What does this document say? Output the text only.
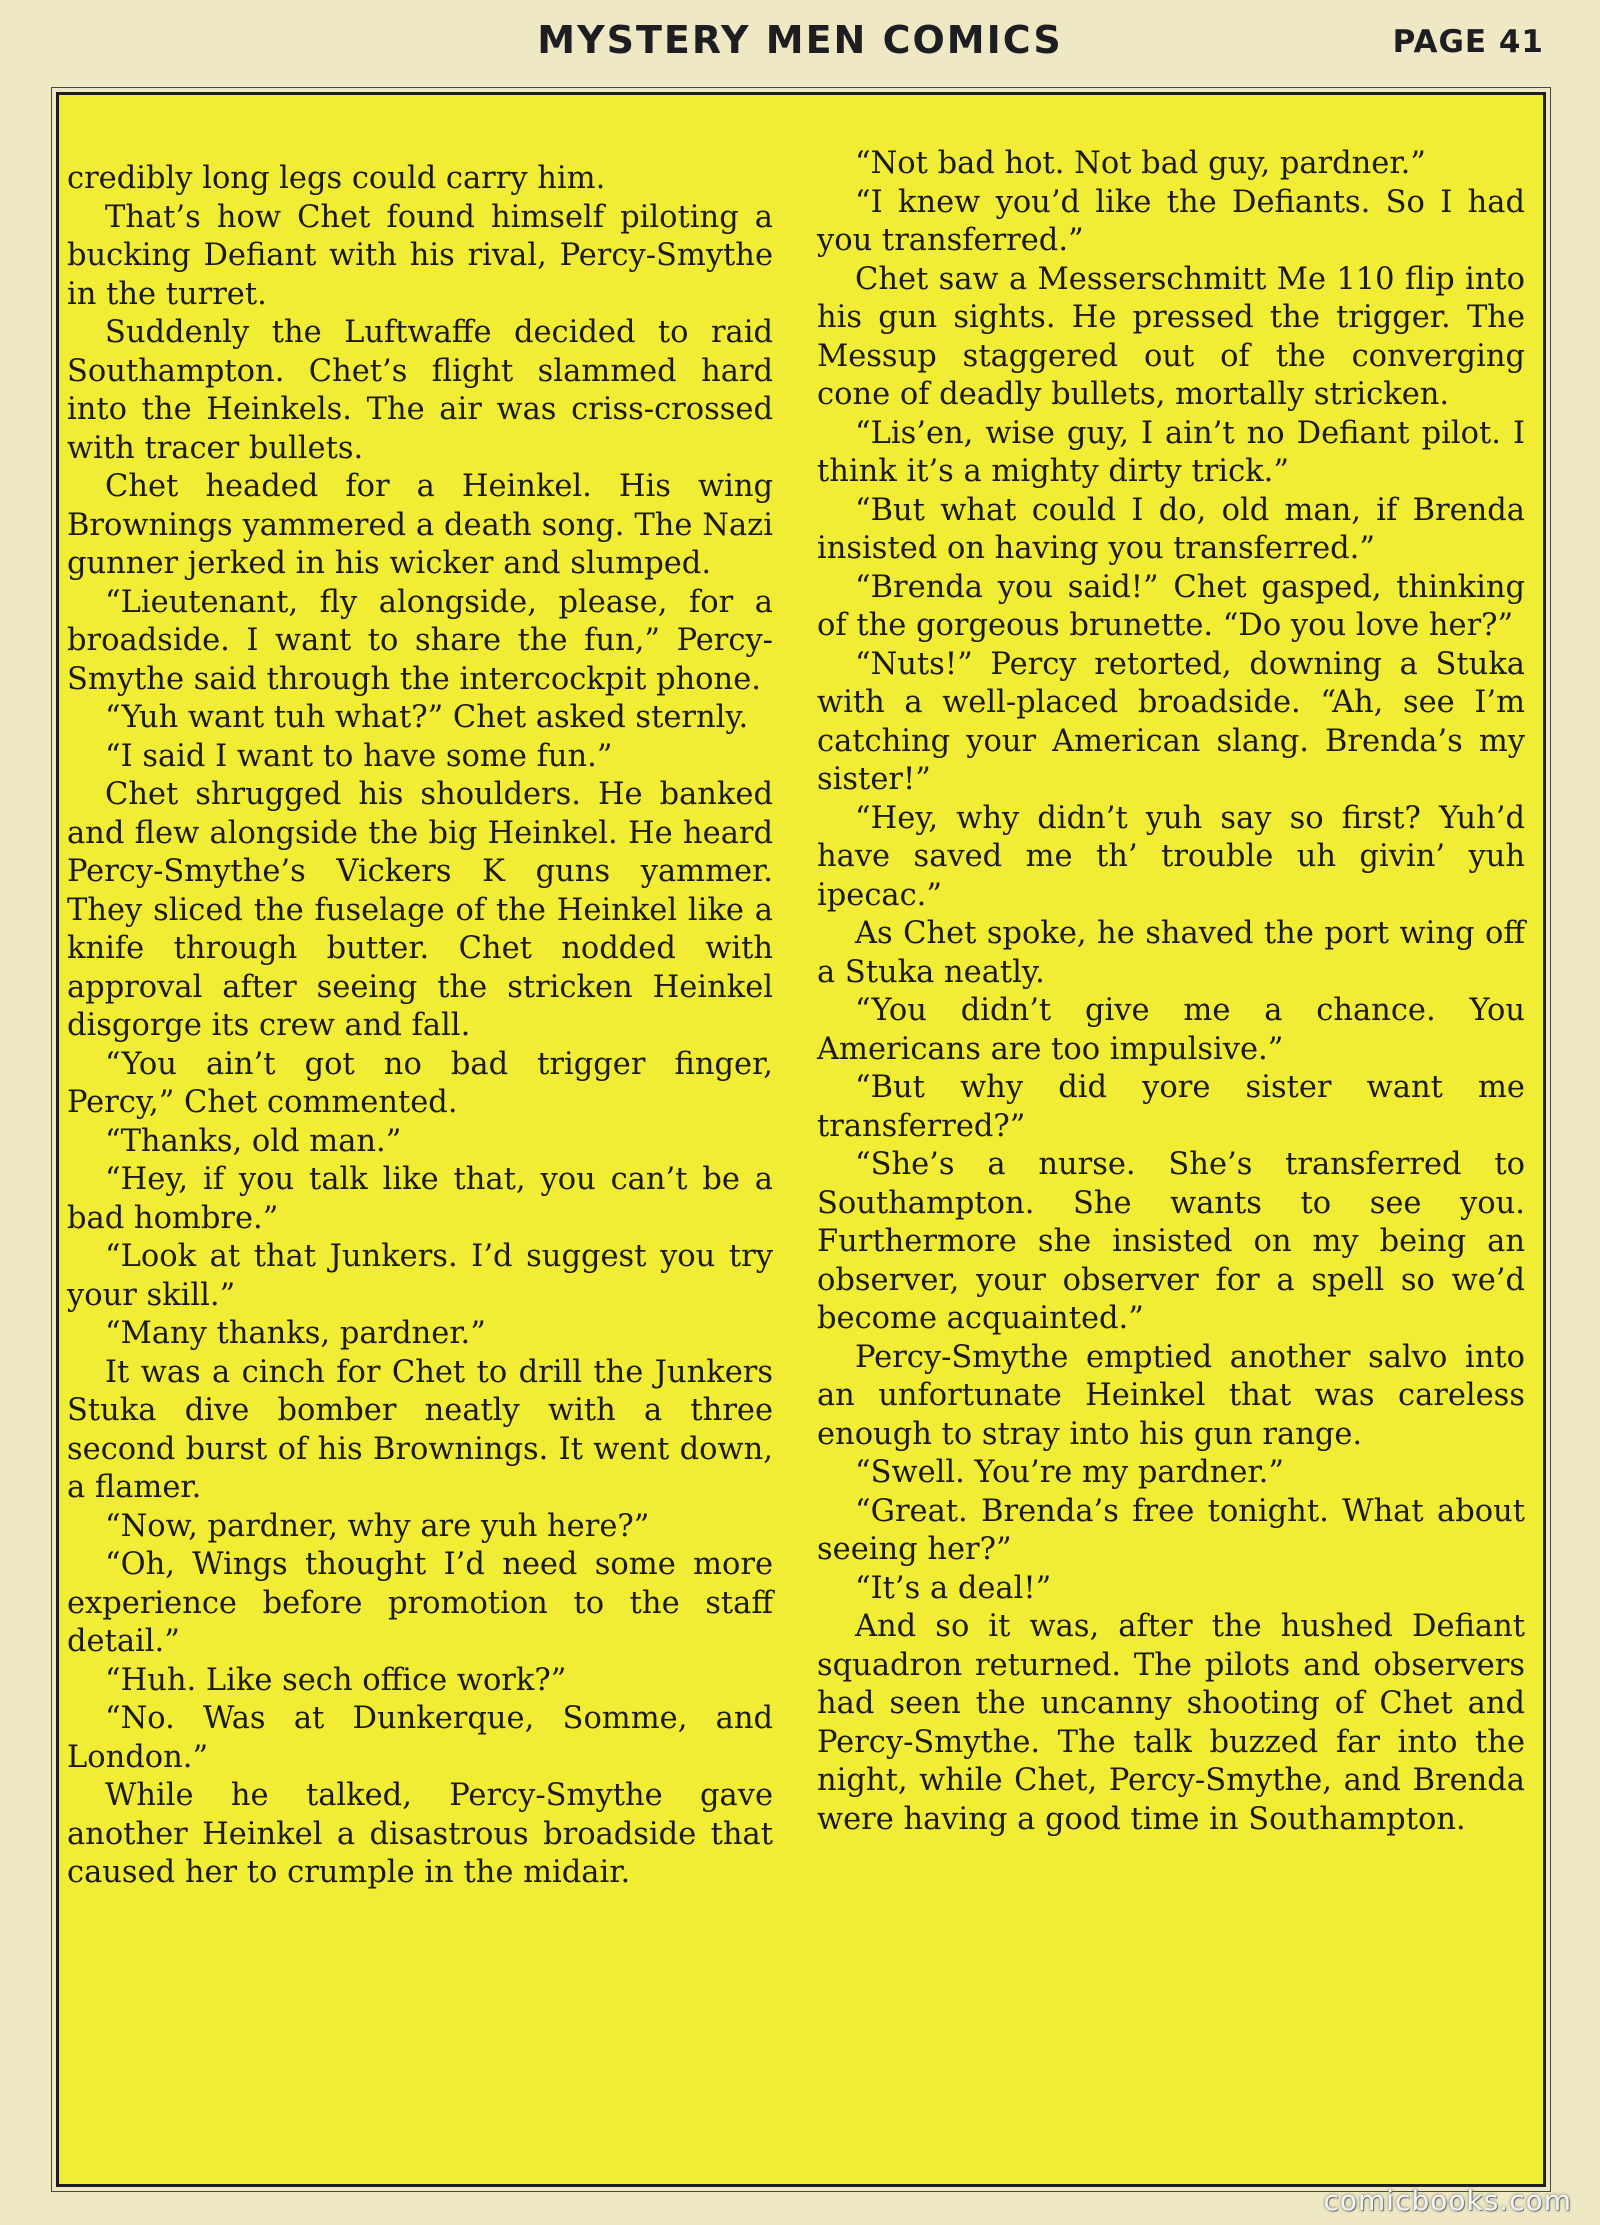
MYSTERY MEN COMICS	PAGE 41

credibly long legs could carry him.

That’s how Chet found himself piloting a bucking Defiant with his rival, Percy-Smythe in the turret.

Suddenly the Luftwaffe decided to raid Southampton. Chet’s flight slammed hard into the Heinkels. The air was criss-crossed with tracer bullets.

Chet headed for a Heinkel. His wing Brownings yammered a death song. The Nazi gunner jerked in his wicker and slumped.

“Lieutenant, fly alongside, please, for a broadside. I want to share the fun,” Percy-Smythe said through the intercockpit phone.

“Yuh want tuh what?” Chet asked sternly.

“I said I want to have some fun.”

Chet shrugged his shoulders. He banked and flew alongside the big Heinkel. He heard Percy-Smythe’s Vickers K guns yammer. They sliced the fuselage of the Heinkel like a knife through butter. Chet nodded with approval after seeing the stricken Heinkel disgorge its crew and fall.

“You ain’t got no bad trigger finger, Percy,” Chet commented.

“Thanks, old man.”

“Hey, if you talk like that, you can’t be a bad hombre.”

“Look at that Junkers. I’d suggest you try your skill.”

“Many thanks, pardner.”

It was a cinch for Chet to drill the Junkers Stuka dive bomber neatly with a three second burst of his Brownings. It went down, a flamer.

“Now, pardner, why are yuh here?”

“Oh, Wings thought I’d need some more experience before promotion to the staff detail.”

“Huh. Like sech office work?”

“No. Was at Dunkerque, Somme, and London.”

While he talked, Percy-Smythe gave another Heinkel a disastrous broadside that caused her to crumple in the midair.

“Not bad hot. Not bad guy, pardner.”

“I knew you’d like the Defiants. So I had you transferred.”

Chet saw a Messerschmitt Me 110 flip into his gun sights. He pressed the trigger. The Messup staggered out of the converging cone of deadly bullets, mortally stricken.

“Lis’en, wise guy, I ain’t no Defiant pilot. I think it’s a mighty dirty trick.”

“But what could I do, old man, if Brenda insisted on having you transferred.”

“Brenda you said!” Chet gasped, thinking of the gorgeous brunette. “Do you love her?”

“Nuts!” Percy retorted, downing a Stuka with a well-placed broadside. “Ah, see I’m catching your American slang. Brenda’s my sister!”

“Hey, why didn’t yuh say so first? Yuh’d have saved me th’ trouble uh givin’ yuh ipecac.”

As Chet spoke, he shaved the port wing off a Stuka neatly.

“You didn’t give me a chance. You Americans are too impulsive.”

“But why did yore sister want me transferred?”

“She’s a nurse. She’s transferred to Southampton. She wants to see you. Furthermore she insisted on my being an observer, your observer for a spell so we’d become acquainted.”

Percy-Smythe emptied another salvo into an unfortunate Heinkel that was careless enough to stray into his gun range.

“Swell. You’re my pardner.”

“Great. Brenda’s free tonight. What about seeing her?”

“It’s a deal!”

And so it was, after the hushed Defiant squadron returned. The pilots and observers had seen the uncanny shooting of Chet and Percy-Smythe. The talk buzzed far into the night, while Chet, Percy-Smythe, and Brenda were having a good time in Southampton.

comicbooks.com
